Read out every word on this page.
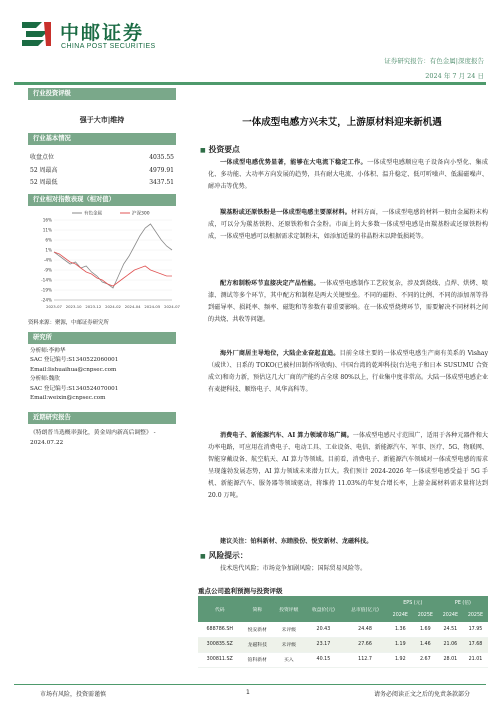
中邮证券
CHINA POST SECURITIES
证券研究报告：有色金属|深度报告
2024 年 7 月 24 日
行业投资评级
强于大市|维持
行业基本情况
收盘点位	4035.55
52 周最高	4979.91
52 周最低	3437.51
行业相对指数表现（相对值）
16%
11%
6%
1%
-4%
-9%
-14%
-19%
-24%
2023-07 2023-10 2023-12 2024-02 2024-04 2024-05 2024-07
有色金属	沪深300
资料来源：聚源，中邮证券研究所
研究所
分析师:李帅华
SAC 登记编号:S1340522060001
Email:lishuaihua@cnpsec.com
分析师:魏欣
SAC 登记编号:S1340524070001
Email:weixin@cnpsec.com
近期研究报告
《特朗普当选概率强化，黄金周内新高后调整》 - 2024.07.22
一体成型电感方兴未艾，上游原材料迎来新机遇
■ 投资要点
一体成型电感优势显著，能够在大电流下稳定工作。一体成型电感顺应电子设备向小型化、集成化、多功能、大功率方向发展的趋势，具有耐大电流、小体积、温升稳定、低可听噪声、低漏磁噪声、耐冲击等优势。
羰基粉或还原铁粉是一体成型电感主要原材料。材料方面，一体成型电感的材料一般由金属粉末构成，可以分为羰基铁粉、还原铁粉和合金粉。市面上的大多数一体成型电感是由羰基粉或还原铁粉构成，一体成型电感可以根据需求定制粉末，如添加适量的非晶粉末以降低损耗等。
配方和制粉环节直接决定产品性能。一体成型电感制作工艺较复杂，涉及到烧线、点焊、烘烤、喷漆、测试等多个环节，其中配方和制程是两大关键壁垒。不同的磁粉、不同的比例、不同的添加剂等得到磁导率、损耗率、频率、磁饱和等参数有着重要影响。在一体成型烧烤环节，需要解决不同材料之间的共烧、共收等问题。
海外厂商居主导地位，大陆企业奋起直追。目前全球主要的一体成型电感生产商有美系的 Vishay（威世）、日系的 TOKO(已被村田制作所收购)、中国台湾的乾坤科技(台达电子和日本 SUSUMU 合资成立)和奇力新，预估这几大厂商的产能约占全球 80%以上，行业集中度非常高。大陆一体成型电感企业有麦捷科技、顺络电子、风华高科等。
消费电子、新能源汽车、AI 算力领域市场广阔。一体成型电感尺寸范围广，适用于各种元器件和大功率电路，可应用在消费电子、电动工具、工业设备、电信、新能源汽车、军事、医疗、5G、物联网、智能穿戴设备、航空航天、AI 算力等领域。目前看，消费电子、新能源汽车领域对一体成型电感的需求呈现蓬勃发展态势，AI 算力领域未来潜力巨大。我们预计 2024-2026 年一体成型电感受益于 5G 手机、新能源汽车、服务器等领域驱动，将维持 11.03%的年复合增长率，上游金属材料需求量将达到 20.0 万吨。
建议关注：铂科新材、东睦股份、悦安新材、龙磁科技。
■ 风险提示：
技术迭代风险；市场竞争加剧风险；国际贸易风险等。
重点公司盈利预测与投资评级
代码	简称	投资评级	收盘价(元)	总市值(亿元)	EPS (元)		PE (倍)	
					2024E	2025E	2024E	2025E
688786.SH	悦安新材	未评级	20.43	24.48	1.36	1.69	24.51	17.95
300835.SZ	龙磁科技	未评级	23.17	27.66	1.19	1.46	21.06	17.68
300811.SZ	铂科新材	买入	40.15	112.7	1.92	2.67	28.01	21.01
市场有风险，投资需谨慎	1	请务必阅读正文之后的免责条款部分
